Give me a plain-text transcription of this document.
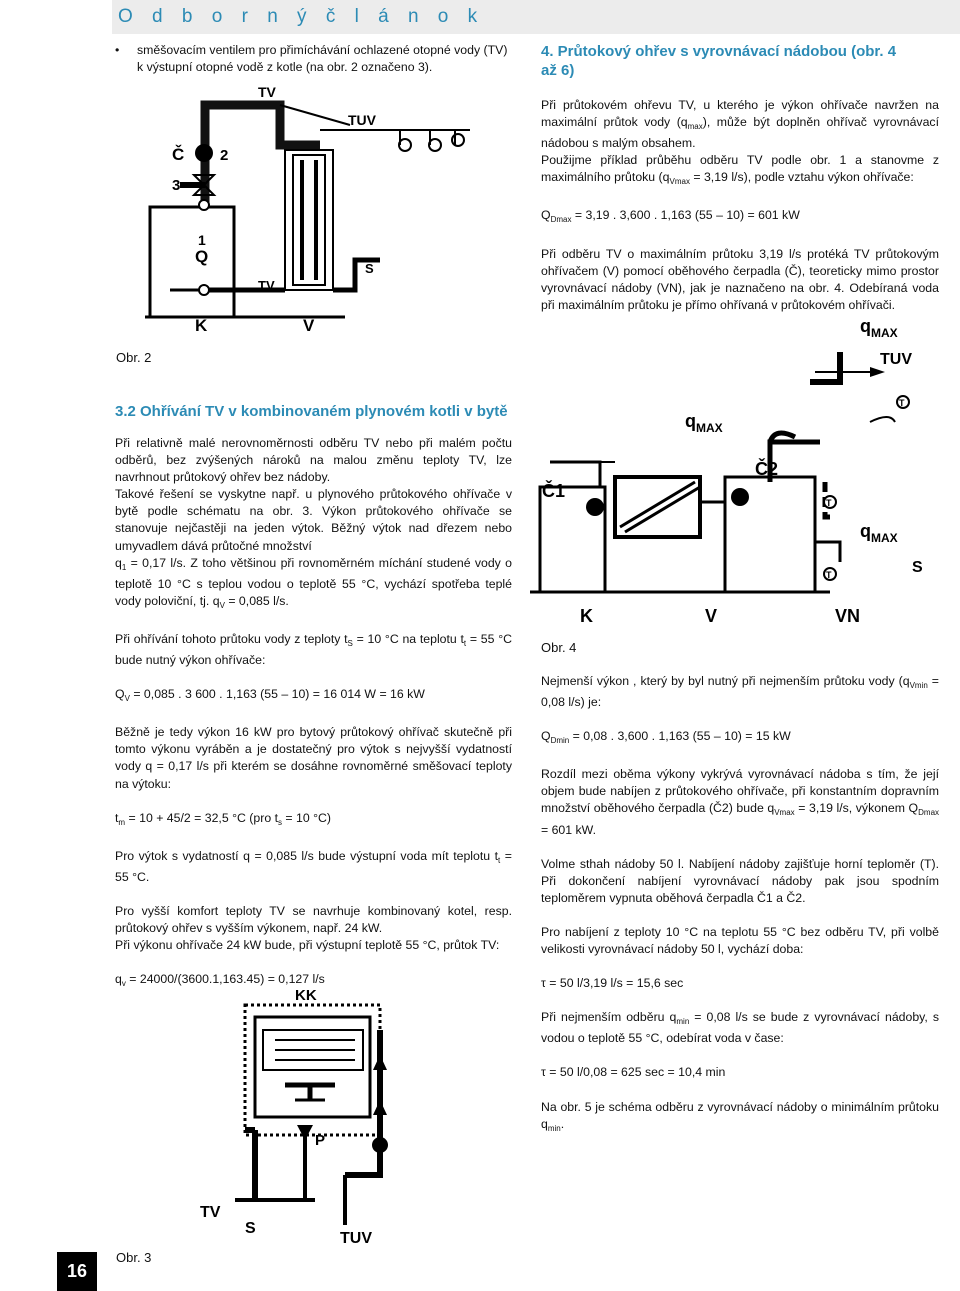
O d b o r n ý č l á n o k
•	směšovacím ventilem pro přimíchávání ochlazené otopné vody (TV) k výstupní otopné vodě z kotle (na obr. 2 označeno 3).

TV
TUV
Č 2
3
1
Q
S
TV
K	V
Obr. 2
3.2 Ohřívání TV v kombinovaném plynovém kotli v bytě

Při relativně malé nerovnoměrnosti odběru TV nebo při malém počtu odběrů, bez zvýšených nároků na malou změnu teploty TV, lze navrhnout průtokový ohřev bez nádoby.

Takové řešení se vyskytne např. u plynového průtokového ohřívače v bytě podle schématu na obr. 3. Výkon průtokového ohřívače se stanovuje nejčastěji na jeden výtok. Běžný výtok nad dřezem nebo umyvadlem dává průtočné množství

$q_1 = 0,17$ l/s. Z toho většinou při rovnoměrném míchání studené vody o teplotě 10 °C s teplou vodou o teplotě 55 °C, vychází spotřeba teplé vody poloviční, tj. $q_V = 0,085$ l/s.

Při ohřívání tohoto průtoku vody z teploty $t_S = 10$ °C na teplotu $t_t = 55$ °C bude nutný výkon ohřívače:

$Q_V = 0,085$ . 3 600 . 1,163 (55 – 10) = 16 014 W = 16 kW

Běžně je tedy výkon 16 kW pro bytový průtokový ohřívač skutečně při tomto výkonu vyráběn a je dostatečný pro výtok s nejvyšší vydatností vody q = 0,17 l/s při kterém se dosáhne rovnoměrné směšovací teploty na výtoku:

$t_m = 10 + 45/2 = 32,5$ °C (pro $t_s = 10$ °C)

Pro výtok s vydatností q = 0,085 l/s bude výstupní voda mít teplotu $t_t = 55$ °C.

Pro vyšší komfort teploty TV se navrhuje kombinovaný kotel, resp. průtokový ohřev s vyšším výkonem, např. 24 kW.

Při výkonu ohřívače 24 kW bude, při výstupní teplotě 55 °C, průtok TV:

$q_v = 24000/(3600.1,163.45) = 0,127$ l/s

KK
P
TV
S
TUV
Obr. 3
4. Průtokový ohřev s vyrovnávací nádobou (obr. 4 až 6)

Při průtokovém ohřevu TV, u kterého je výkon ohřívače navržen na maximální průtok vody $(q_{max})$, může být doplněn ohřívač vyrovnávací nádobou s malým obsahem.

Použijme příklad průběhu odběru TV podle obr. 1 a stanovme z maximálního průtoku ($q_{Vmax} = 3,19$ l/s), podle vztahu výkon ohřívače:

$Q_{Dmax} = 3,19$ . 3,600 . 1,163 (55 – 10) = 601 kW

Při odběru TV o maximálním průtoku 3,19 l/s protéká TV průtokovým ohřívačem (V) pomocí oběhového čerpadla (Č), teoreticky mimo prostor vyrovnávací nádoby (VN), jak je naznačeno na obr. 4. Odebíraná voda při maximálním průtoku je přímo ohřívaná v průtokovém ohřívači.

$q_{MAX}$
TUV
T
$q_{MAX}$
Č1
Č2
T
$q_{MAX}$
S
T
K	V	VN
Obr. 4

Nejmenší výkon , který by byl nutný při nejmenším průtoku vody ($q_{Vmin} = 0,08$ l/s) je:

$Q_{Dmin} = 0,08$ . 3,600 . 1,163 (55 – 10) = 15 kW

Rozdíl mezi oběma výkony vykrývá vyrovnávací nádoba s tím, že její objem bude nabíjen z průtokového ohřívače, při konstantním dopravním množství oběhového čerpadla (Č2) bude $q_{Vmax} = 3,19$ l/s, výkonem $Q_{Dmax} = 601$ kW.

Volme sthah nádoby 50 l. Nabíjení nádoby zajišťuje horní teploměr (T). Při dokončení nabíjení vyrovnávací nádoby pak jsou spodním teploměrem vypnuta oběhová čerpadla Č1 a Č2.

Pro nabíjení z teploty 10 °C na teplotu 55 °C bez odběru TV, při volbě velikosti vyrovnávací nádoby 50 l, vychází doba:

τ = 50 l/3,19 l/s = 15,6 sec

Při nejmenším odběru $q_{min} = 0,08$ l/s se bude z vyrovnávací nádoby, s vodou o teplotě 55 °C, odebírat voda v čase:

τ = 50 l/0,08 = 625 sec = 10,4 min

Na obr. 5 je schéma odběru z vyrovnávací nádoby o minimálním průtoku $q_{min}$.

16
